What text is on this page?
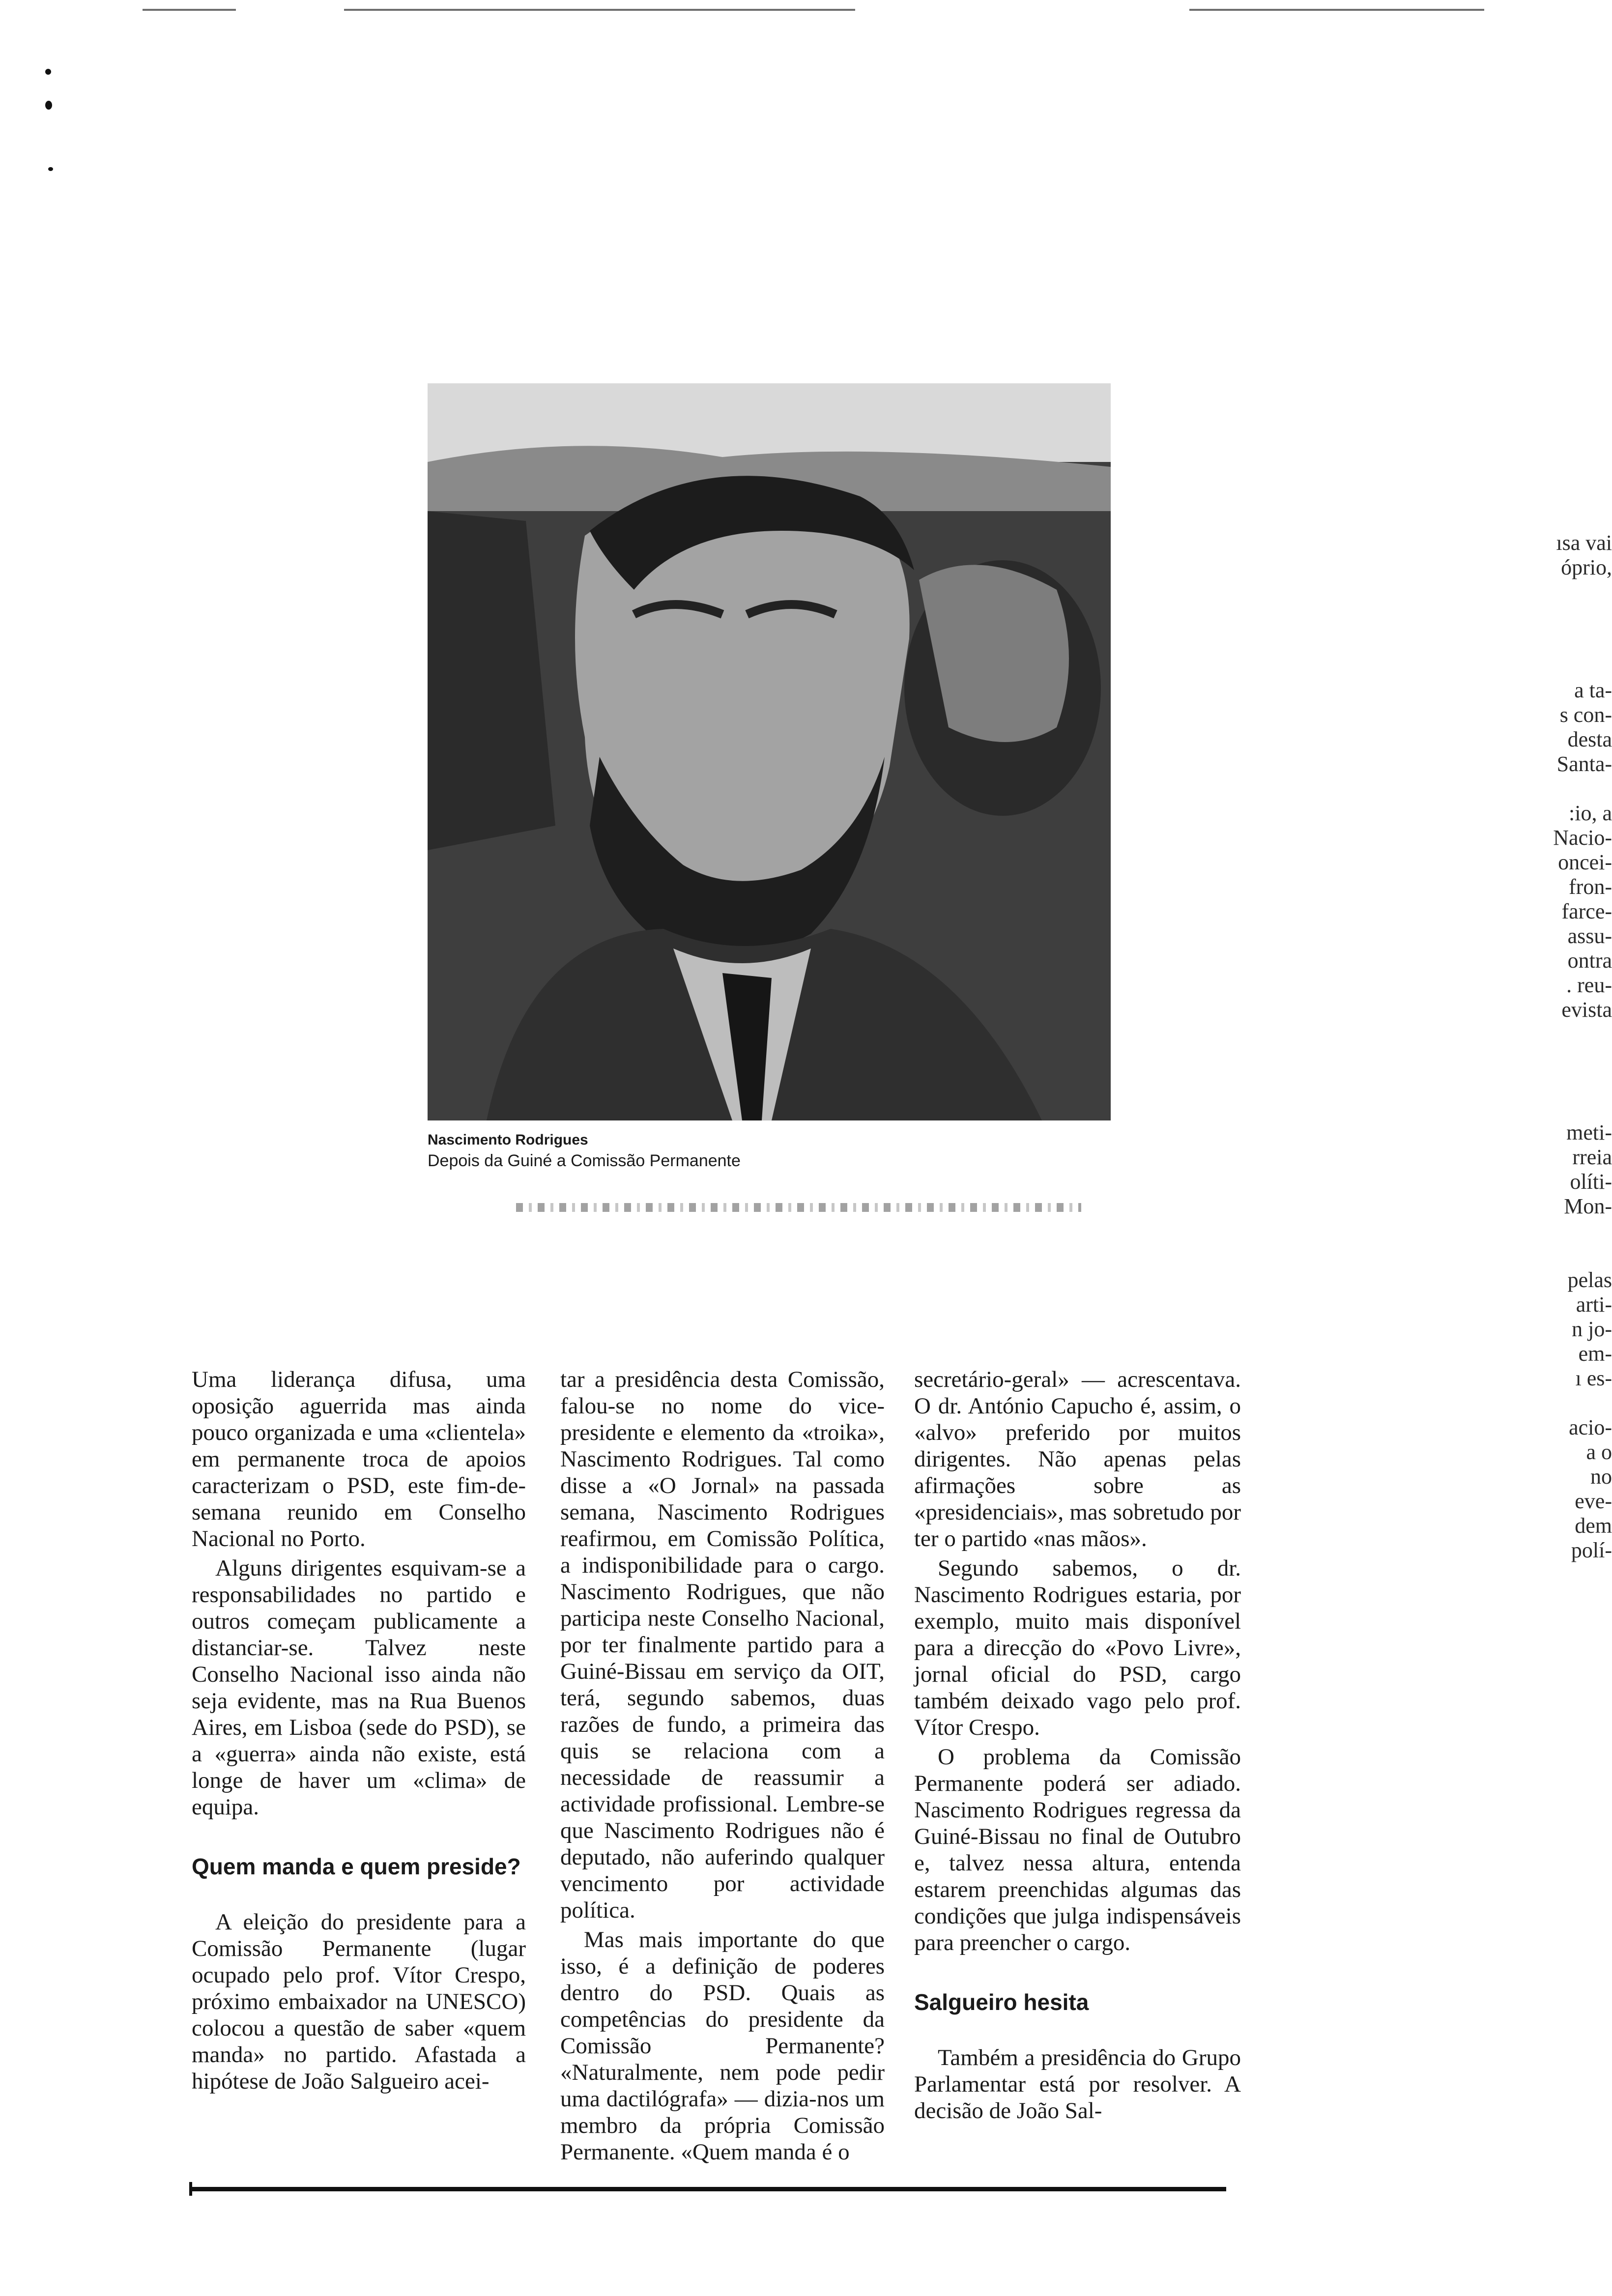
Nascimento Rodrigues
Depois da Guiné a Comissão Permanente

Uma liderança difusa, uma oposição aguerrida mas ainda pouco organizada e uma «clientela» em permanente troca de apoios caracterizam o PSD, este fim-de-semana reunido em Conselho Nacional no Porto.

Alguns dirigentes esquivam-se a responsabilidades no partido e outros começam publicamente a distanciar-se. Talvez neste Conselho Nacional isso ainda não seja evidente, mas na Rua Buenos Aires, em Lisboa (sede do PSD), se a «guerra» ainda não existe, está longe de haver um «clima» de equipa.

Quem manda e quem preside?

A eleição do presidente para a Comissão Permanente (lugar ocupado pelo prof. Vítor Crespo, próximo embaixador na UNESCO) colocou a questão de saber «quem manda» no partido. Afastada a hipótese de João Salgueiro acei-

tar a presidência desta Comissão, falou-se no nome do vice-presidente e elemento da «troika», Nascimento Rodrigues. Tal como disse a «O Jornal» na passada semana, Nascimento Rodrigues reafirmou, em Comissão Política, a indisponibilidade para o cargo. Nascimento Rodrigues, que não participa neste Conselho Nacional, por ter finalmente partido para a Guiné-Bissau em serviço da OIT, terá, segundo sabemos, duas razões de fundo, a primeira das quis se relaciona com a necessidade de reassumir a actividade profissional. Lembre-se que Nascimento Rodrigues não é deputado, não auferindo qualquer vencimento por actividade política.

Mas mais importante do que isso, é a definição de poderes dentro do PSD. Quais as competências do presidente da Comissão Permanente? «Naturalmente, nem pode pedir uma dactilógrafa» — dizia-nos um membro da própria Comissão Permanente. «Quem manda é o

secretário-geral» — acrescentava. O dr. António Capucho é, assim, o «alvo» preferido por muitos dirigentes. Não apenas pelas afirmações sobre as «presidenciais», mas sobretudo por ter o partido «nas mãos».

Segundo sabemos, o dr. Nascimento Rodrigues estaria, por exemplo, muito mais disponível para a direcção do «Povo Livre», jornal oficial do PSD, cargo também deixado vago pelo prof. Vítor Crespo.

O problema da Comissão Permanente poderá ser adiado. Nascimento Rodrigues regressa da Guiné-Bissau no final de Outubro e, talvez nessa altura, entenda estarem preenchidas algumas das condições que julga indispensáveis para preencher o cargo.

Salgueiro hesita

Também a presidência do Grupo Parlamentar está por resolver. A decisão de João Sal-

ısa vai
óprio,
a ta-
s con-
desta
Santa-
:io, a
Nacio-
oncei-
fron-
farce-
assu-
ontra
. reu-
evista
meti-
rreia
olíti-
Mon-
pelas
arti-
n jo-
em-
ı es-
acio-
a o
no
eve-
dem
polí-
